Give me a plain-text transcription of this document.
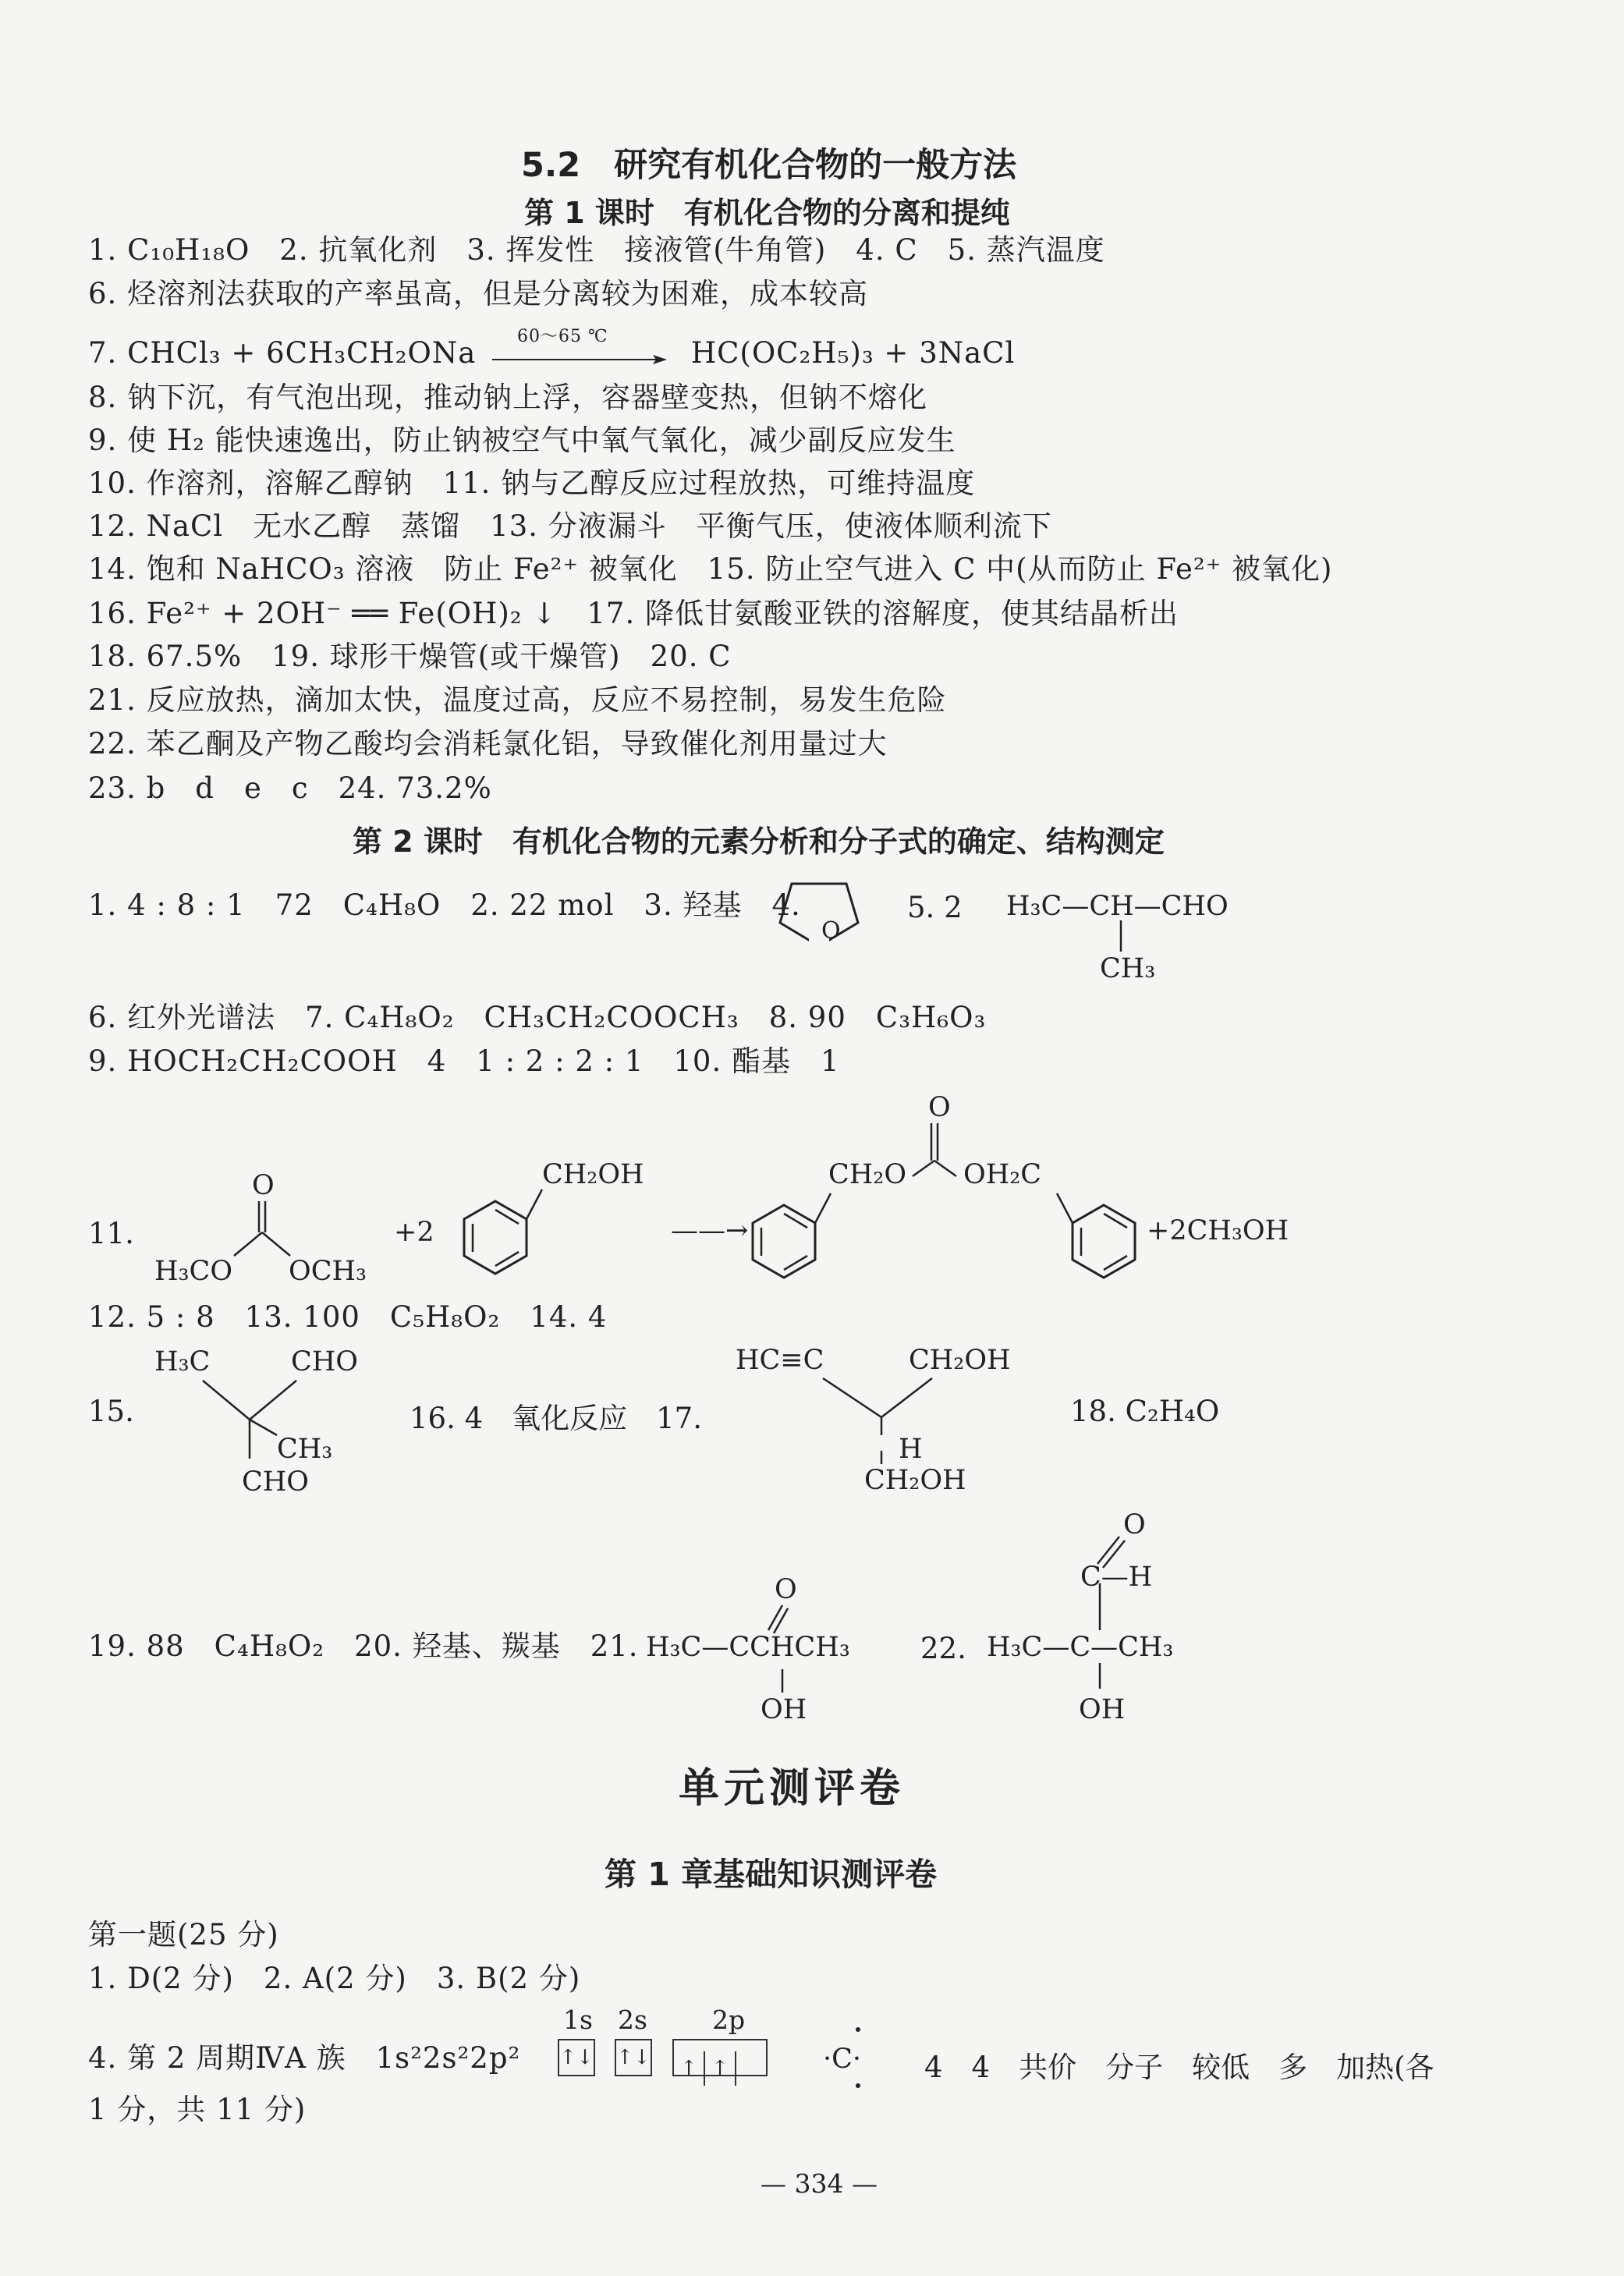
5.2　研究有机化合物的一般方法
第 1 课时　有机化合物的分离和提纯
1. C₁₀H₁₈O　2. 抗氧化剂　3. 挥发性　接液管(牛角管)　4. C　5. 蒸汽温度
6. 烃溶剂法获取的产率虽高，但是分离较为困难，成本较高
7. CHCl₃ + 6CH₃CH₂ONa 60～65 ℃	HC(OC₂H₅)₃ + 3NaCl
8. 钠下沉，有气泡出现，推动钠上浮，容器壁变热，但钠不熔化
9. 使 H₂ 能快速逸出，防止钠被空气中氧气氧化，减少副反应发生
10. 作溶剂，溶解乙醇钠　11. 钠与乙醇反应过程放热，可维持温度
12. NaCl　无水乙醇　蒸馏　13. 分液漏斗　平衡气压，使液体顺利流下
14. 饱和 NaHCO₃ 溶液　防止 Fe²⁺ 被氧化　15. 防止空气进入 C 中(从而防止 Fe²⁺ 被氧化)
16. Fe²⁺ + 2OH⁻ ══ Fe(OH)₂ ↓　17. 降低甘氨酸亚铁的溶解度，使其结晶析出
18. 67.5%　19. 球形干燥管(或干燥管)　20. C
21. 反应放热，滴加太快，温度过高，反应不易控制，易发生危险
22. 苯乙酮及产物乙酸均会消耗氯化铝，导致催化剂用量过大
23. b　d　e　c　24. 73.2%
第 2 课时　有机化合物的元素分析和分子式的确定、结构测定
1. 4 : 8 : 1　72　C₄H₈O　2. 22 mol　3. 羟基　4.
O
5. 2 H₃C—CH—CHO
CH₃
6. 红外光谱法　7. C₄H₈O₂　CH₃CH₂COOCH₃　8. 90　C₃H₆O₃
9. HOCH₂CH₂COOH　4　1 : 2 : 2 : 1　10. 酯基　1
11.
O
H₃CO OCH₃
+2
CH₂OH
——→
O
CH₂O OH₂C
+2CH₃OH
12. 5 : 8　13. 100　C₅H₈O₂　14. 4
15.
H₃C	CHO
CH₃
CHO
16. 4　氧化反应　17.
HC≡C	CH₂OH
H
CH₂OH
18. C₂H₄O
19. 88　C₄H₈O₂　20. 羟基、羰基　21.
O
H₃C—CCHCH₃
OH
22.
O
C—H
H₃C—C—CH₃
OH
单元测评卷
第 1 章基础知识测评卷
第一题(25 分)
1. D(2 分)　2. A(2 分)　3. B(2 分)
1s 2s	2p
4. 第 2 周期ⅣA 族　1s²2s²2p² ↑↓ ↑↓	↑ ↑	·C· 4　4　共价　分子　较低　多　加热(各
1 分，共 11 分)
— 334 —
